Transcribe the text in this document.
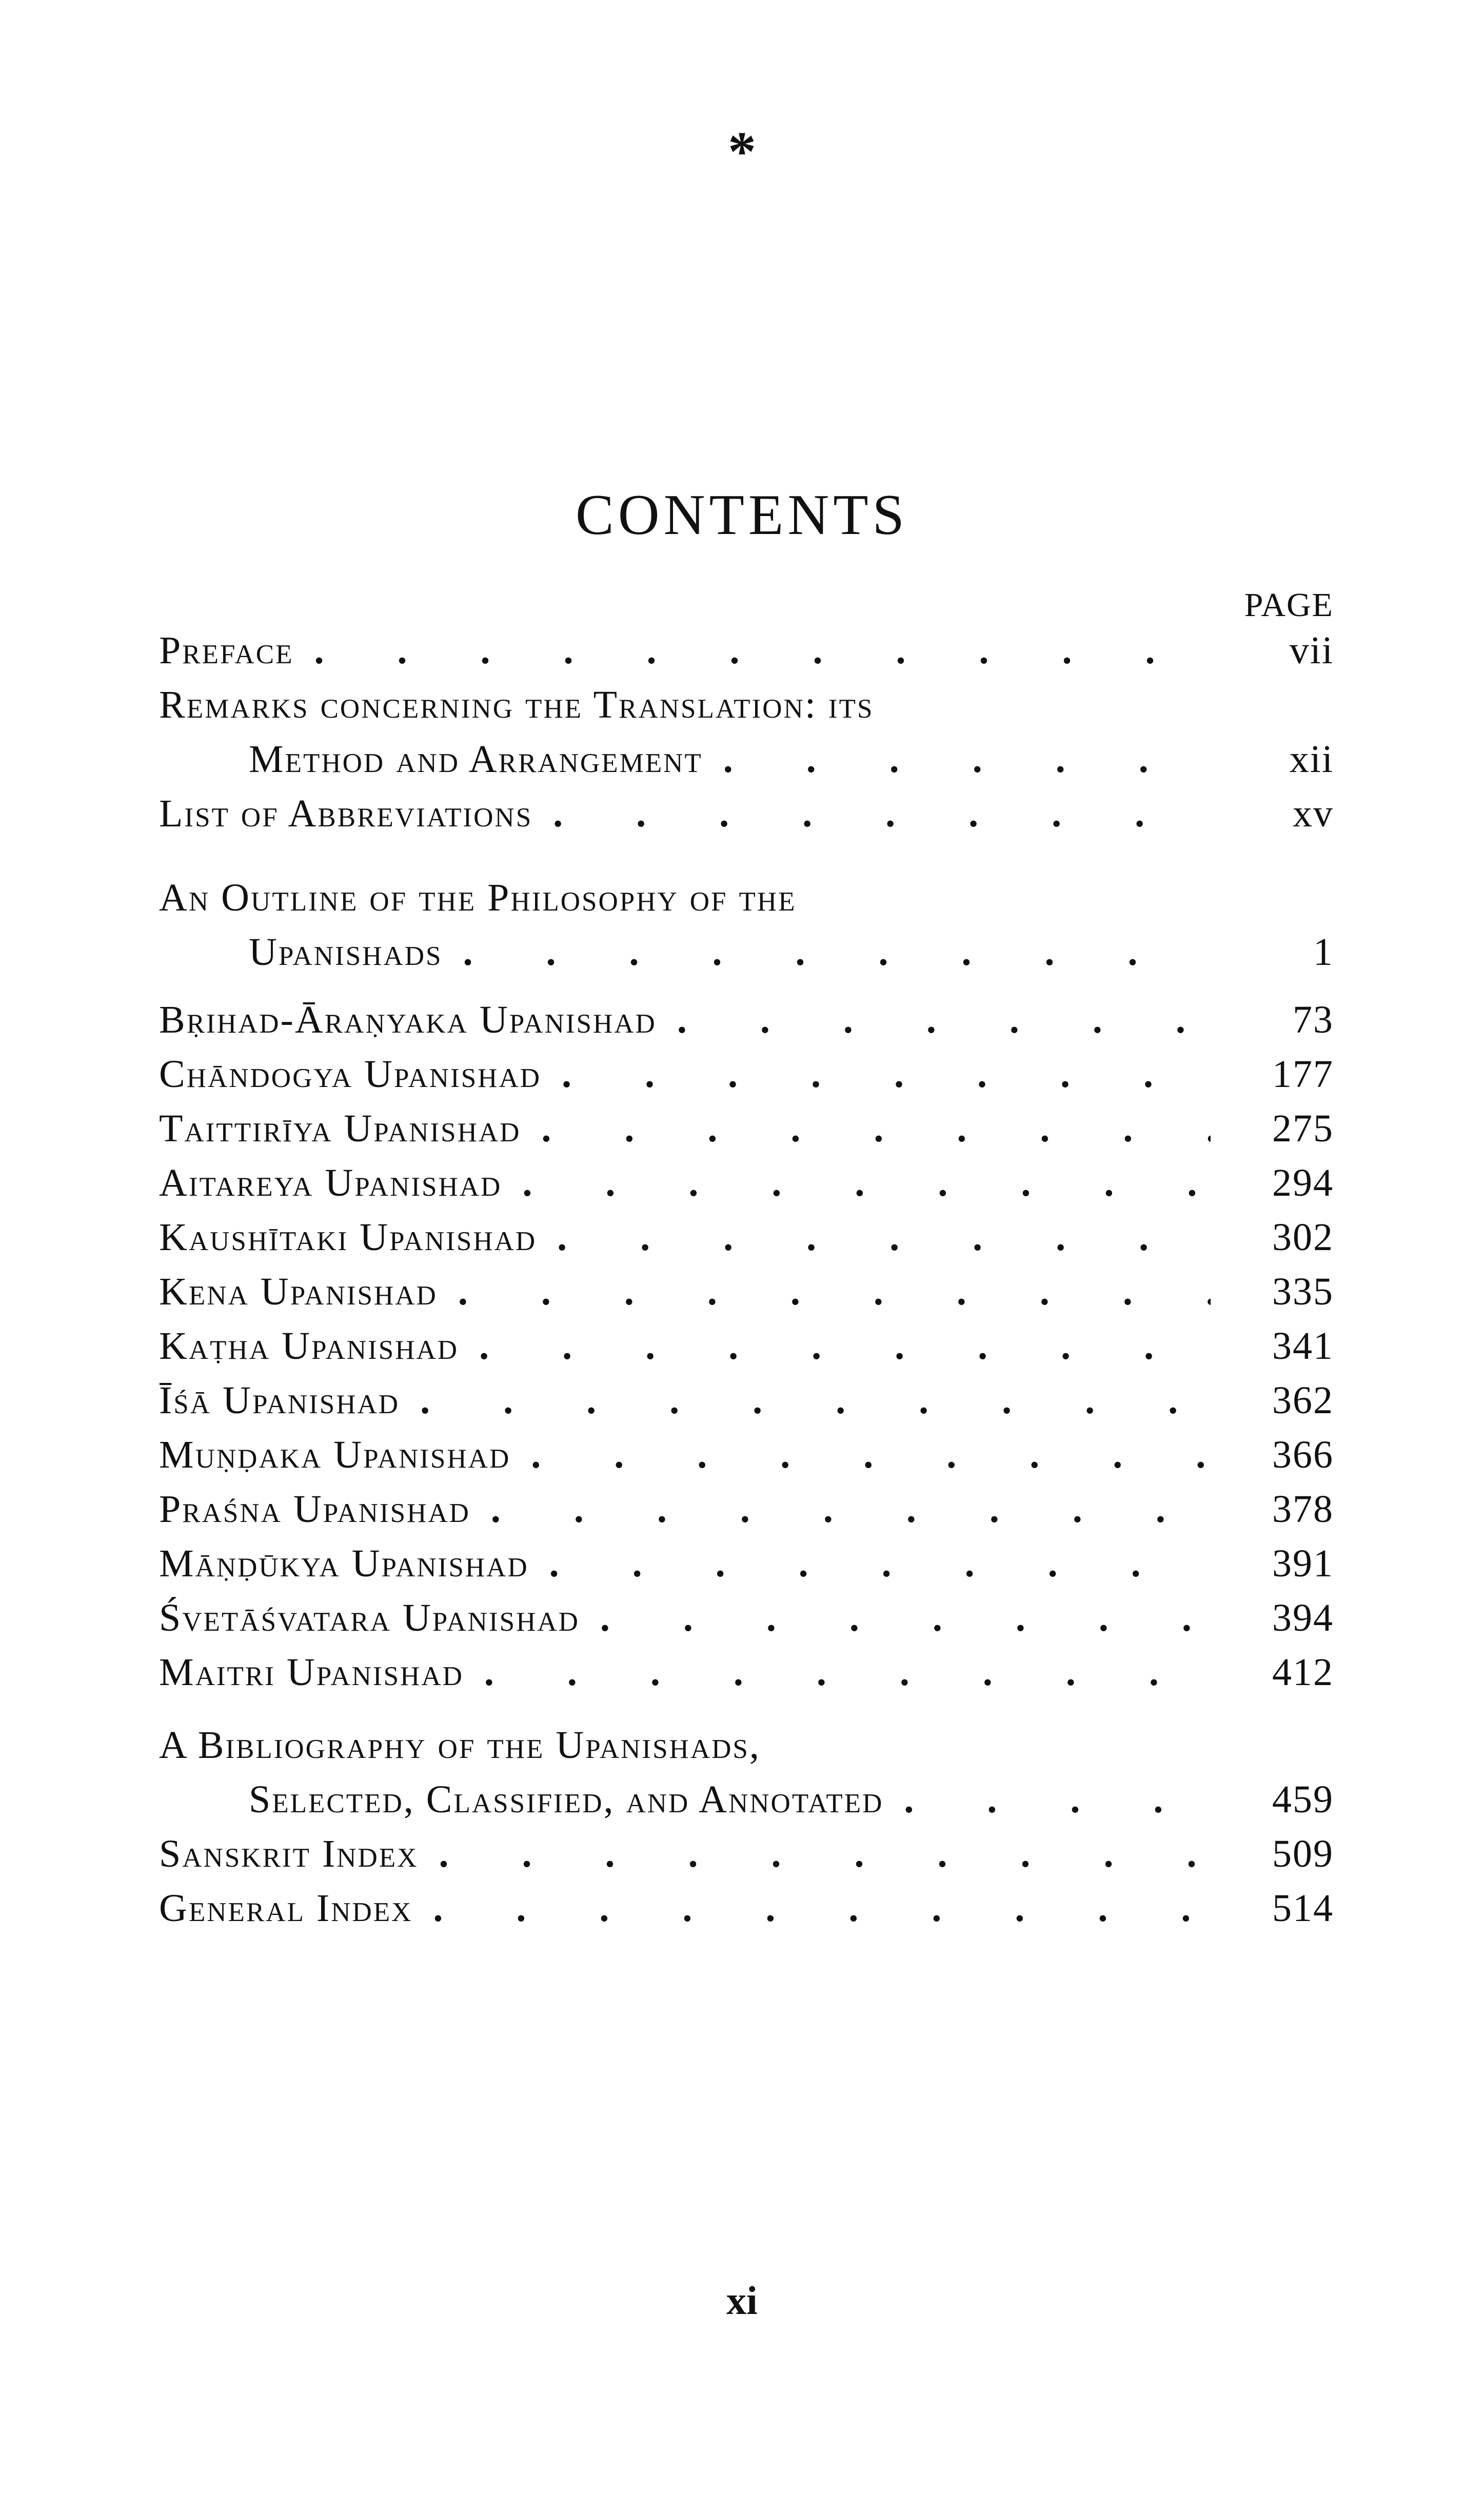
*
CONTENTS
PAGE
Preface . . .	vii
Remarks concerning the Translation: its
Method and Arrangement . . .	xii
List of Abbreviations . . .	xv
An Outline of the Philosophy of the
Upanishads . . .	1
Bṛihad-Āraṇyaka Upanishad . . .	73
Chāndogya Upanishad . . .	177
Taittirīya Upanishad . . .	275
Aitareya Upanishad . . .	294
Kaushītaki Upanishad . . .	302
Kena Upanishad . . .	335
Kaṭha Upanishad . . .	341
Īśā Upanishad . . .	362
Muṇḍaka Upanishad . . .	366
Praśna Upanishad . . .	378
Māṇḍūkya Upanishad . . .	391
Śvetāśvatara Upanishad . . .	394
Maitri Upanishad . . .	412
A Bibliography of the Upanishads,
Selected, Classified, and Annotated . . .	459
Sanskrit Index . . .	509
General Index . . .	514
xi
